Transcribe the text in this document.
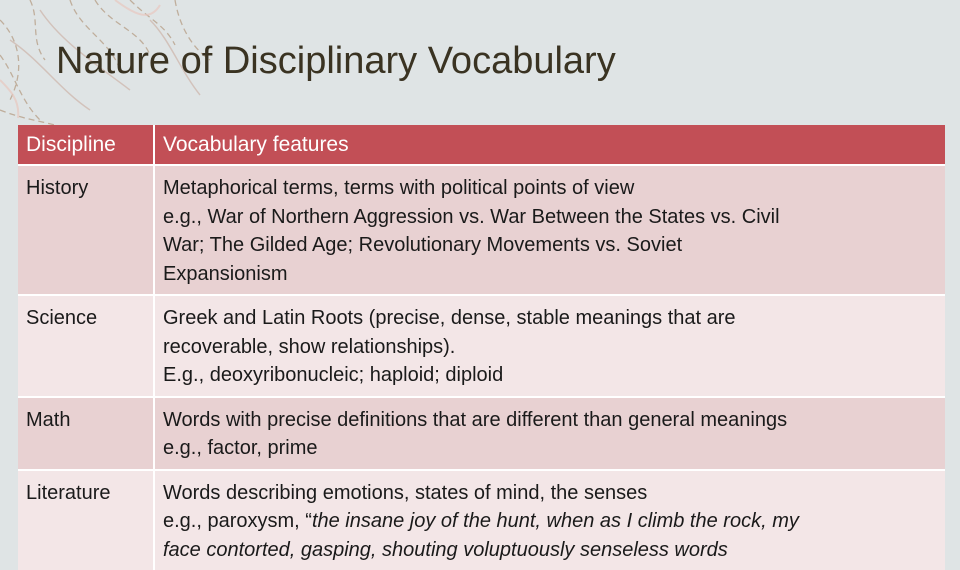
Nature of Disciplinary Vocabulary
Discipline	Vocabulary features
History	Metaphorical terms, terms with political points of view
e.g., War of Northern Aggression vs. War Between the States vs. Civil
War; The Gilded Age; Revolutionary Movements vs. Soviet
Expansionism

Science	Greek and Latin Roots (precise, dense, stable meanings that are
recoverable, show relationships).
E.g., deoxyribonucleic; haploid; diploid

Math	Words with precise definitions that are different than general meanings
e.g., factor, prime

Literature	Words describing emotions, states of mind, the senses
e.g., paroxysm, “the insane joy of the hunt, when as I climb the rock, my
face contorted, gasping, shouting voluptuously senseless words
